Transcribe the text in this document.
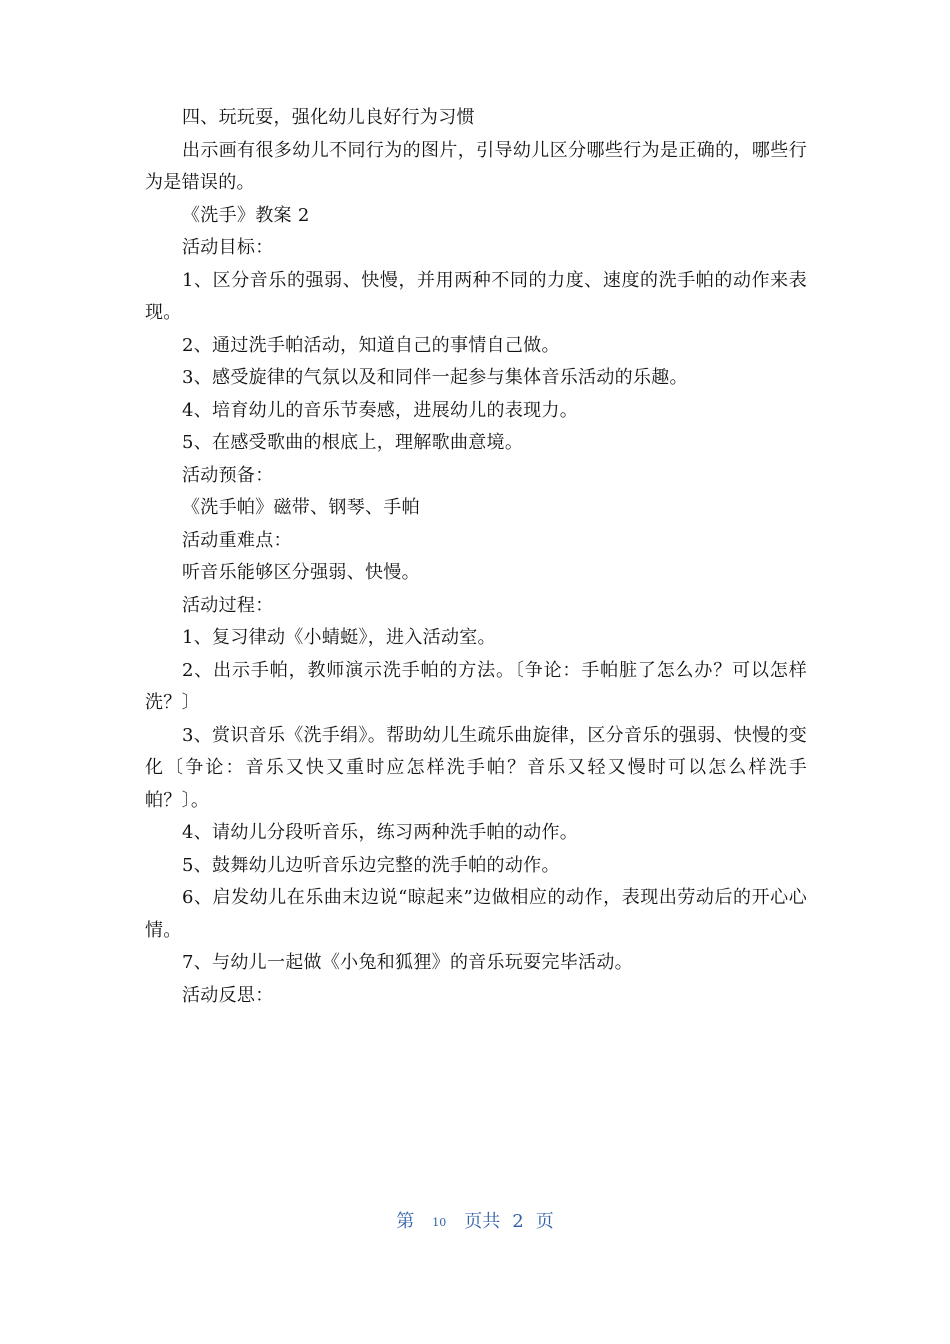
四、玩玩耍，强化幼儿良好行为习惯

出示画有很多幼儿不同行为的图片，引导幼儿区分哪些行为是正确的，哪些行为是错误的。

《洗手》教案 2

活动目标：

1、区分音乐的强弱、快慢，并用两种不同的力度、速度的洗手帕的动作来表现。

2、通过洗手帕活动，知道自己的事情自己做。

3、感受旋律的气氛以及和同伴一起参与集体音乐活动的乐趣。

4、培育幼儿的音乐节奏感，进展幼儿的表现力。

5、在感受歌曲的根底上，理解歌曲意境。

活动预备：

《洗手帕》磁带、钢琴、手帕

活动重难点：

听音乐能够区分强弱、快慢。

活动过程：

1、复习律动《小蜻蜓》，进入活动室。

2、出示手帕，教师演示洗手帕的方法。〔争论：手帕脏了怎么办？可以怎样洗？〕

3、赏识音乐《洗手绢》。帮助幼儿生疏乐曲旋律，区分音乐的强弱、快慢的变化〔争论：音乐又快又重时应怎样洗手帕？音乐又轻又慢时可以怎么样洗手帕？〕。

4、请幼儿分段听音乐，练习两种洗手帕的动作。

5、鼓舞幼儿边听音乐边完整的洗手帕的动作。

6、启发幼儿在乐曲末边说“晾起来”边做相应的动作，表现出劳动后的开心心情。

7、与幼儿一起做《小兔和狐狸》的音乐玩耍完毕活动。

活动反思：

第 10 页共 2 页
